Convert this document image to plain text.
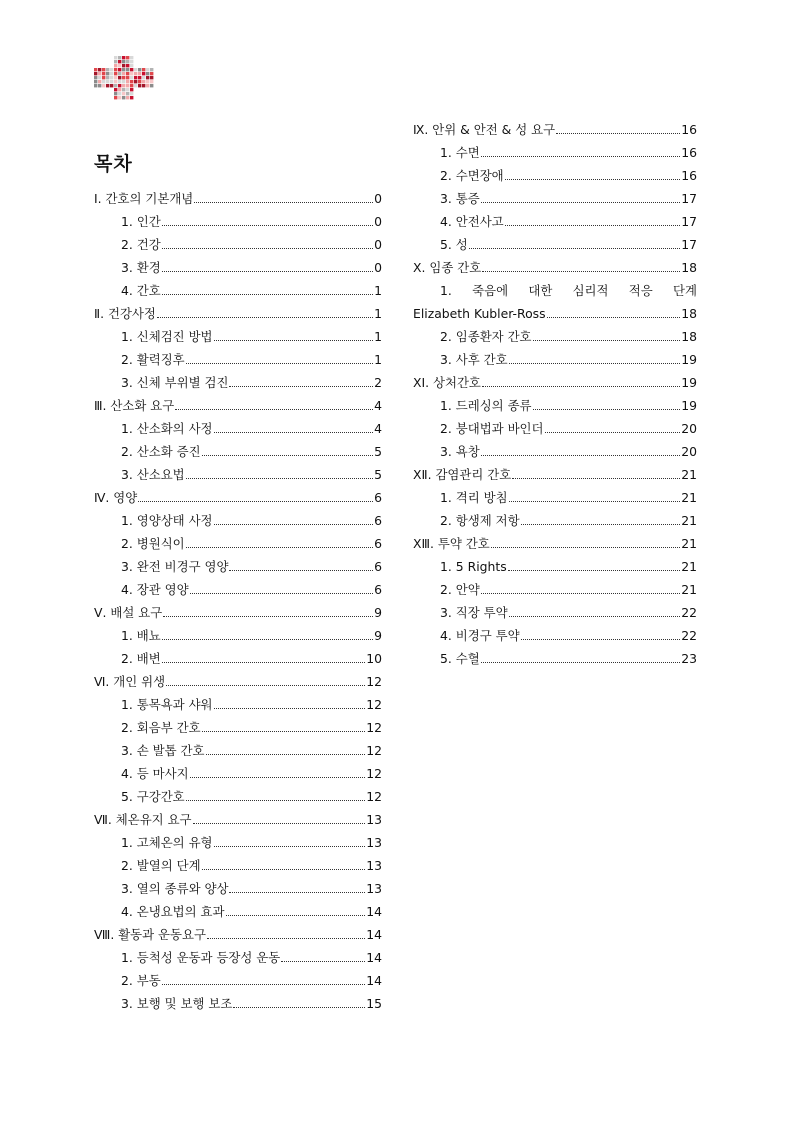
목차
Ⅰ. 간호의 기본개념	0
1. 인간	0
2. 건강	0
3. 환경	0
4. 간호	1
Ⅱ. 건강사정	1
1. 신체검진 방법	1
2. 활력징후	1
3. 신체 부위별 검진	2
Ⅲ. 산소화 요구	4
1. 산소화의 사정	4
2. 산소화 증진	5
3. 산소요법	5
Ⅳ. 영양	6
1. 영양상태 사정	6
2. 병원식이	6
3. 완전 비경구 영양	6
4. 장관 영양	6
Ⅴ. 배설 요구	9
1. 배뇨	9
2. 배변	10
Ⅵ. 개인 위생	12
1. 통목욕과 샤워	12
2. 회음부 간호	12
3. 손 발톱 간호	12
4. 등 마사지	12
5. 구강간호	12
Ⅶ. 체온유지 요구	13
1. 고체온의 유형	13
2. 발열의 단계	13
3. 열의 종류와 양상	13
4. 온냉요법의 효과	14
Ⅷ. 활동과 운동요구	14
1. 등척성 운동과 등장성 운동	14
2. 부동	14
3. 보행 및 보행 보조	15
Ⅸ. 안위 & 안전 & 성 요구	16
1. 수면	16
2. 수면장애	16
3. 통증	17
4. 안전사고	17
5. 성	17
Ⅹ. 임종 간호	18
1. 죽음에 대한 심리적 적응 단계
Elizabeth Kubler-Ross	18
2. 임종환자 간호	18
3. 사후 간호	19
XⅠ. 상처간호	19
1. 드레싱의 종류	19
2. 붕대법과 바인더	20
3. 욕창	20
XⅡ. 감염관리 간호	21
1. 격리 방침	21
2. 항생제 저항	21
XⅢ. 투약 간호	21
1. 5 Rights	21
2. 안약	21
3. 직장 투약	22
4. 비경구 투약	22
5. 수혈	23
